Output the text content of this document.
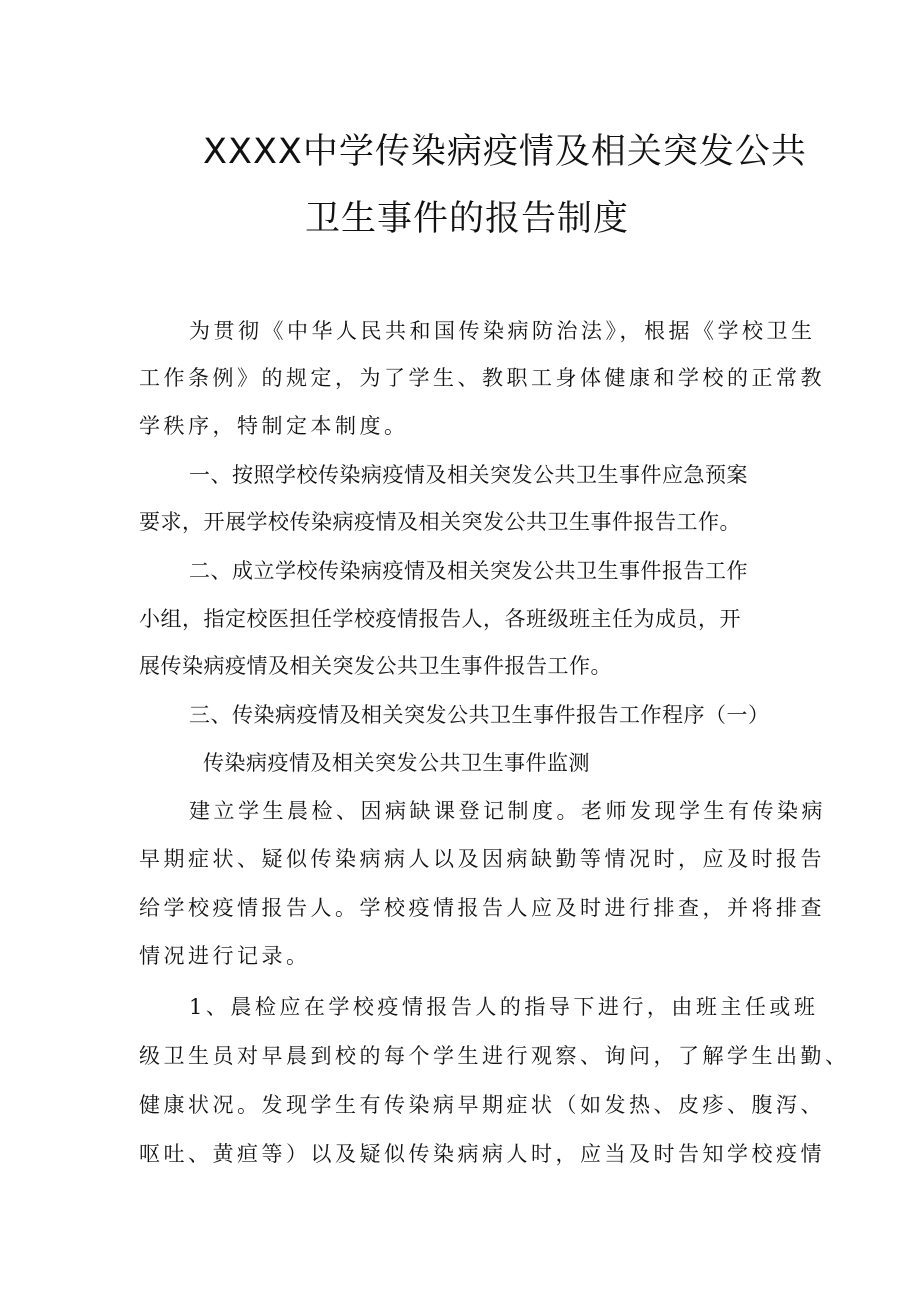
XXXX中学传染病疫情及相关突发公共
卫生事件的报告制度
为贯彻《中华人民共和国传染病防治法》，根据《学校卫生
工作条例》的规定，为了学生、教职工身体健康和学校的正常教
学秩序，特制定本制度。
一、按照学校传染病疫情及相关突发公共卫生事件应急预案
要求，开展学校传染病疫情及相关突发公共卫生事件报告工作。
二、成立学校传染病疫情及相关突发公共卫生事件报告工作
小组，指定校医担任学校疫情报告人，各班级班主任为成员，开
展传染病疫情及相关突发公共卫生事件报告工作。
三、传染病疫情及相关突发公共卫生事件报告工作程序（一）
传染病疫情及相关突发公共卫生事件监测
建立学生晨检、因病缺课登记制度。老师发现学生有传染病
早期症状、疑似传染病病人以及因病缺勤等情况时，应及时报告
给学校疫情报告人。学校疫情报告人应及时进行排查，并将排查
情况进行记录。
1、晨检应在学校疫情报告人的指导下进行，由班主任或班
级卫生员对早晨到校的每个学生进行观察、询问，了解学生出勤、
健康状况。发现学生有传染病早期症状（如发热、皮疹、腹泻、
呕吐、黄疸等）以及疑似传染病病人时，应当及时告知学校疫情
